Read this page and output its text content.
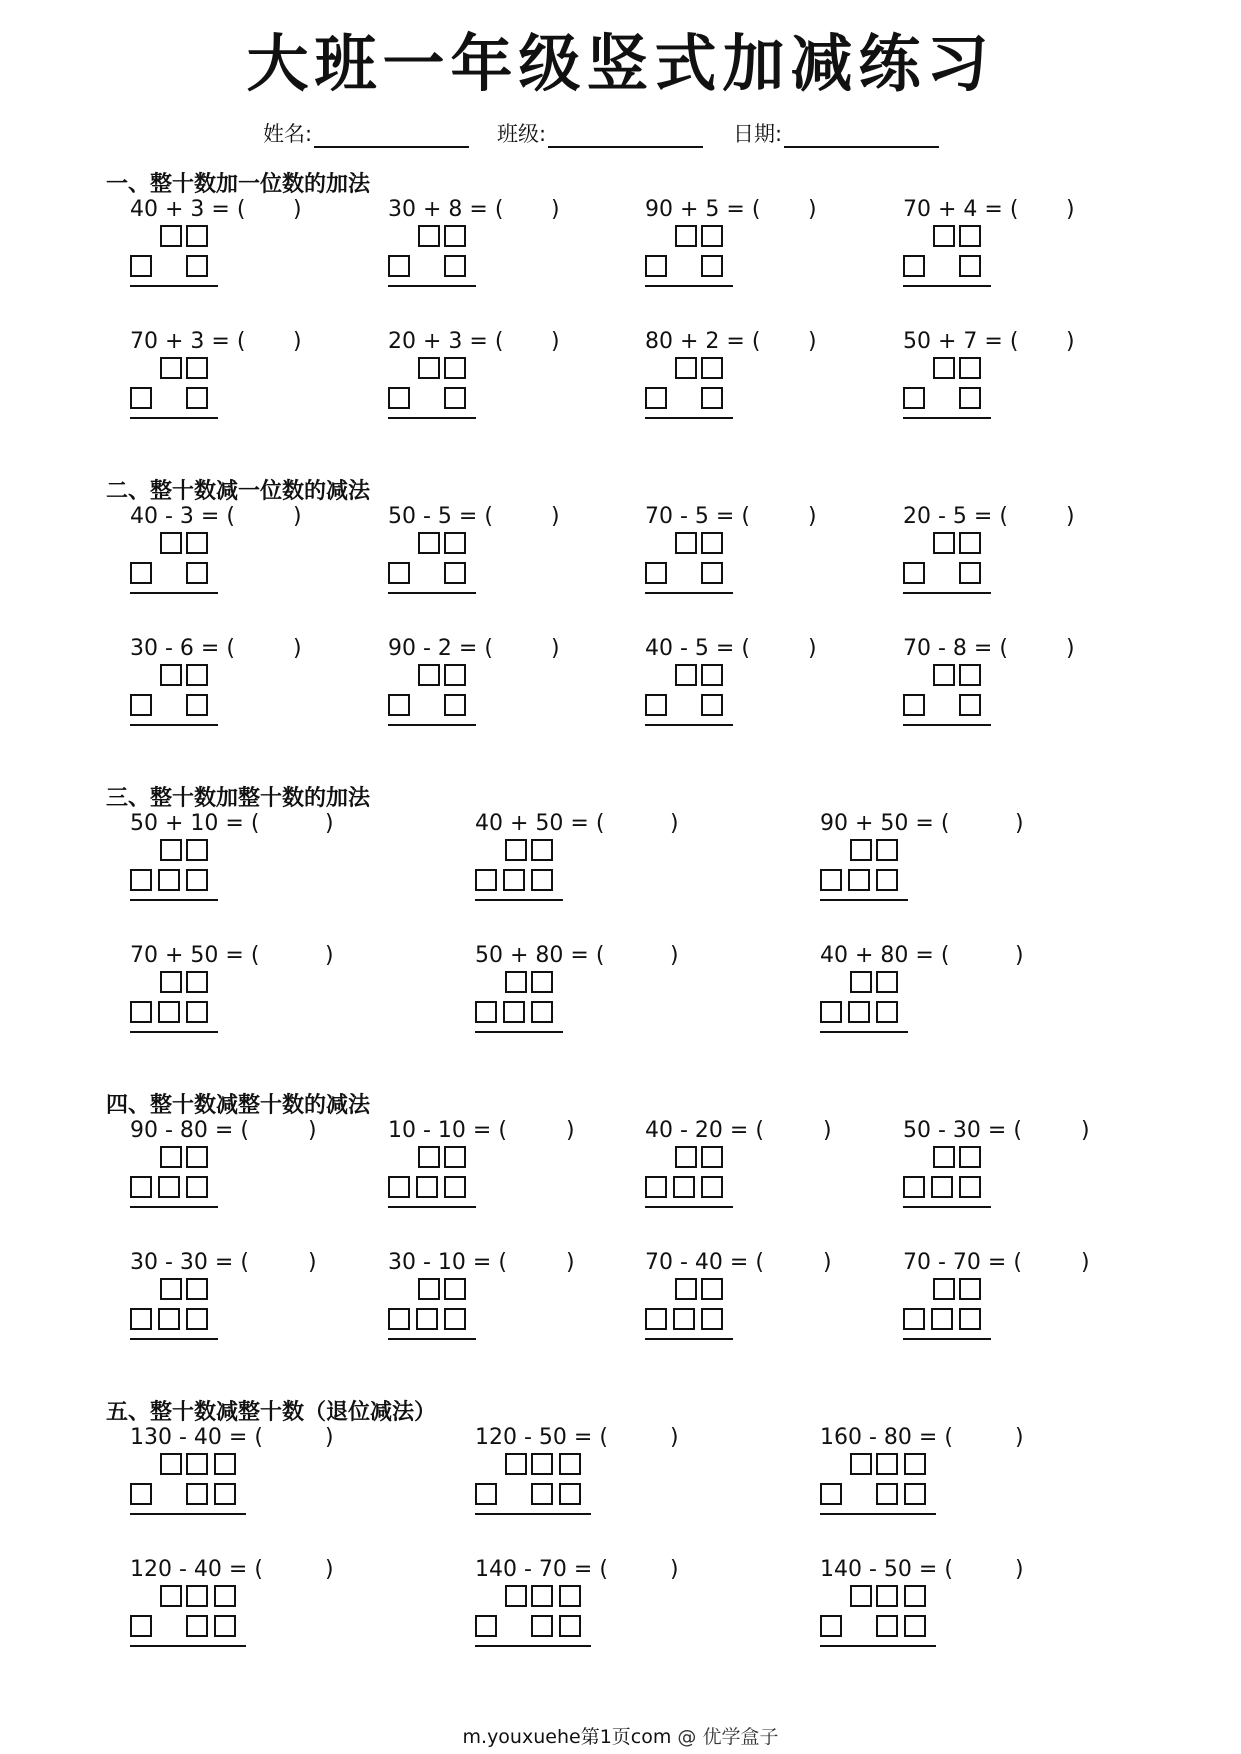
大班一年级竖式加减练习
姓名:	班级:	日期:
一、整十数加一位数的加法
40 + 3 = ( )	30 + 8 = ( )	90 + 5 = ( )	70 + 4 = ( )
70 + 3 = ( )	20 + 3 = ( )	80 + 2 = ( )	50 + 7 = ( )
二、整十数减一位数的减法
40 - 3 = (	)	50 - 5 = (	)	70 - 5 = (	)	20 - 5 = (	)
30 - 6 = (	)	90 - 2 = (	)	40 - 5 = (	)	70 - 8 = (	)
三、整十数加整十数的加法
50 + 10 = (	)	40 + 50 = (	)	90 + 50 = (	)
70 + 50 = (	)	50 + 80 = (	)	40 + 80 = (	)
四、整十数减整十数的减法
90 - 80 = (	)	10 - 10 = (	)	40 - 20 = (	)	50 - 30 = (	)
30 - 30 = (	)	30 - 10 = (	)	70 - 40 = (	)	70 - 70 = (	)
五、整十数减整十数（退位减法）
130 - 40 = (	)	120 - 50 = (	)	160 - 80 = (	)
120 - 40 = (	)	140 - 70 = (	)	140 - 50 = (	)
m.youxuehe第1页com @ 优学盒子
